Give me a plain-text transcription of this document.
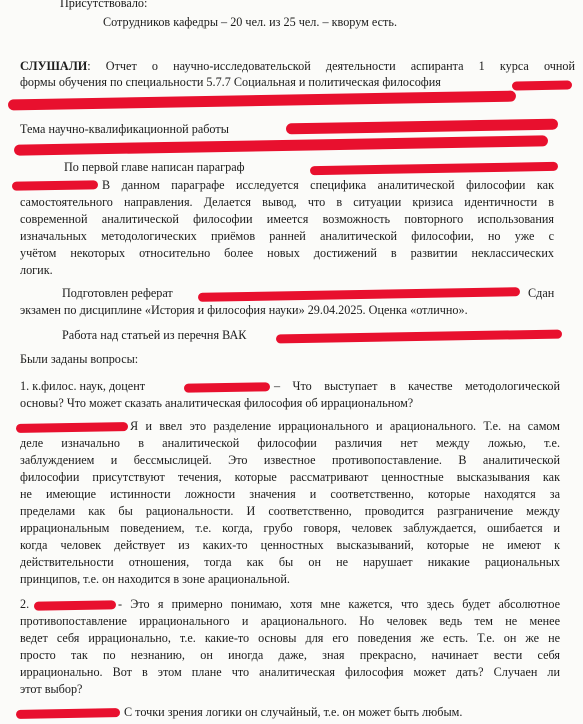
Присутствовало:
Сотрудников кафедры – 20 чел. из 25 чел. – кворум есть.
СЛУШАЛИ: Отчет о научно-исследовательской деятельности аспиранта 1 курса очной
формы обучения по специальности 5.7.7 Социальная и политическая философия
Тема научно-квалификационной работы
По первой главе написан параграф
В данном параграфе исследуется специфика аналитической философии как
самостоятельного направления. Делается вывод, что в ситуации кризиса идентичности в
современной аналитической философии имеется возможность повторного использования
изначальных методологических приёмов ранней аналитической философии, но уже с
учётом некоторых относительно более новых достижений в развитии неклассических
логик.
Подготовлен реферат	Сдан
экзамен по дисциплине «История и философия науки» 29.04.2025. Оценка «отлично».
Работа над статьей из перечня ВАК
Были заданы вопросы:
1. к.филос. наук, доцент	– Что выступает в качестве методологической
основы? Что может сказать аналитическая философия об иррациональном?
Я и ввел это разделение иррационального и арационального. Т.е. на самом
деле изначально в аналитической философии различия нет между ложью, т.е.
заблуждением и бессмыслицей. Это известное противопоставление. В аналитической
философии присутствуют течения, которые рассматривают ценностные высказывания как
не имеющие истинности ложности значения и соответственно, которые находятся за
пределами как бы рациональности. И соответственно, проводится разграничение между
иррациональным поведением, т.е. когда, грубо говоря, человек заблуждается, ошибается и
когда человек действует из каких-то ценностных высказываний, которые не имеют к
действительности отношения, тогда как бы он не нарушает никакие рациональных
принципов, т.е. он находится в зоне арациональной.
2.	- Это я примерно понимаю, хотя мне кажется, что здесь будет абсолютное
противопоставление иррационального и арационального. Но человек ведь тем не менее
ведет себя иррационально, т.е. какие-то основы для его поведения же есть. Т.е. он же не
просто так по незнанию, он иногда даже, зная прекрасно, начинает вести себя
иррационально. Вот в этом плане что аналитическая философия может дать? Случаен ли
этот выбор?
С точки зрения логики он случайный, т.е. он может быть любым.
